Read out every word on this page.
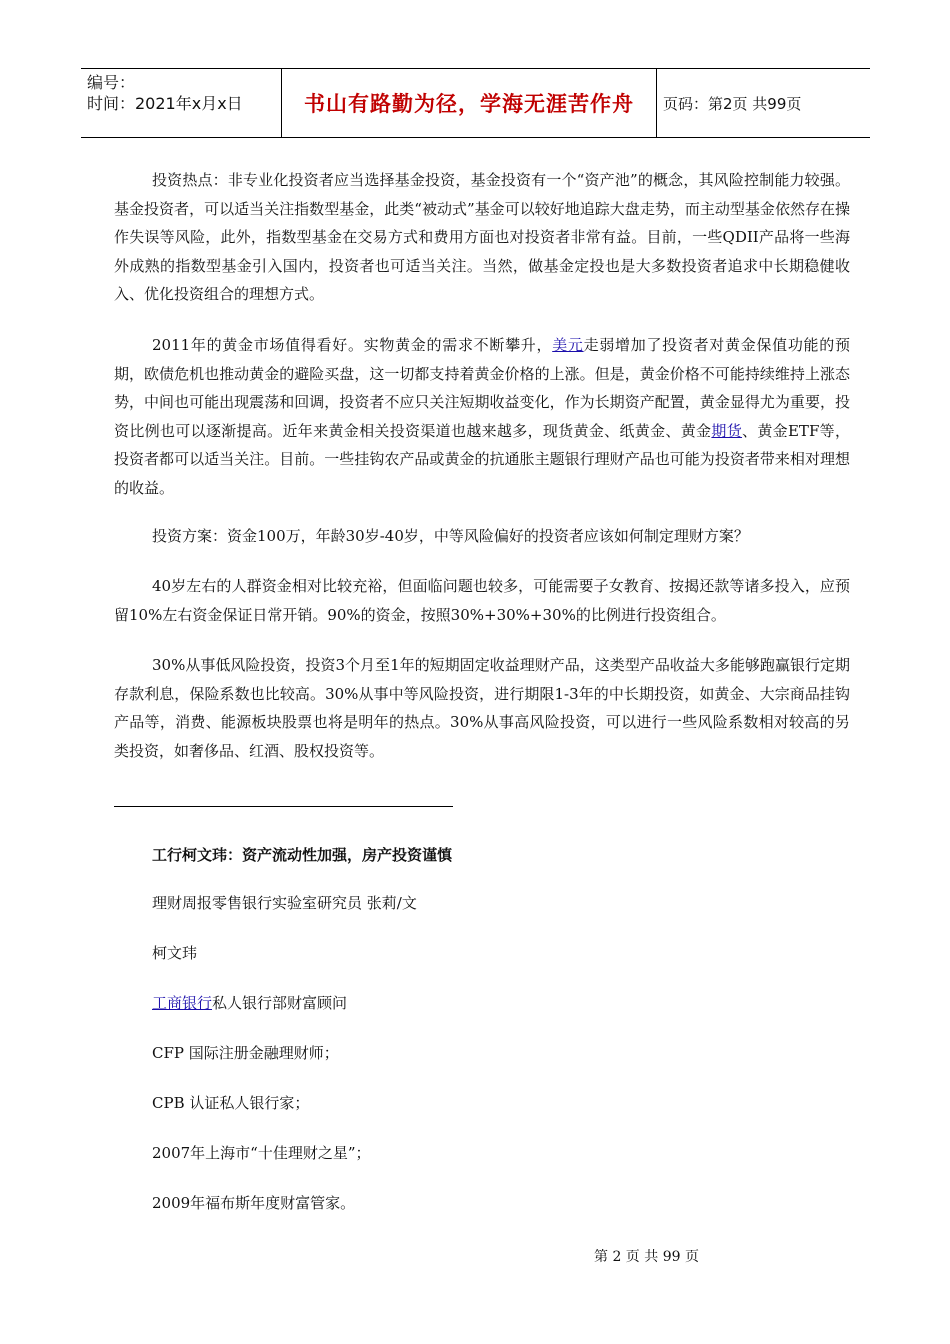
编号：
时间：2021年x月x日	书山有路勤为径，学海无涯苦作舟	页码：第2页 共99页
投资热点：非专业化投资者应当选择基金投资，基金投资有一个“资产池”的概念，其风险控制能力较强。基金投资者，可以适当关注指数型基金，此类“被动式”基金可以较好地追踪大盘走势，而主动型基金依然存在操作失误等风险，此外，指数型基金在交易方式和费用方面也对投资者非常有益。目前，一些QDII产品将一些海外成熟的指数型基金引入国内，投资者也可适当关注。当然，做基金定投也是大多数投资者追求中长期稳健收入、优化投资组合的理想方式。
2011年的黄金市场值得看好。实物黄金的需求不断攀升，美元走弱增加了投资者对黄金保值功能的预期，欧债危机也推动黄金的避险买盘，这一切都支持着黄金价格的上涨。但是，黄金价格不可能持续维持上涨态势，中间也可能出现震荡和回调，投资者不应只关注短期收益变化，作为长期资产配置，黄金显得尤为重要，投资比例也可以逐渐提高。近年来黄金相关投资渠道也越来越多，现货黄金、纸黄金、黄金期货、黄金ETF等，投资者都可以适当关注。目前。一些挂钩农产品或黄金的抗通胀主题银行理财产品也可能为投资者带来相对理想的收益。
投资方案：资金100万，年龄30岁-40岁，中等风险偏好的投资者应该如何制定理财方案？
40岁左右的人群资金相对比较充裕，但面临问题也较多，可能需要子女教育、按揭还款等诸多投入，应预留10%左右资金保证日常开销。90%的资金，按照30%+30%+30%的比例进行投资组合。
30%从事低风险投资，投资3个月至1年的短期固定收益理财产品，这类型产品收益大多能够跑赢银行定期存款利息，保险系数也比较高。30%从事中等风险投资，进行期限1-3年的中长期投资，如黄金、大宗商品挂钩产品等，消费、能源板块股票也将是明年的热点。30%从事高风险投资，可以进行一些风险系数相对较高的另类投资，如奢侈品、红酒、股权投资等。
工行柯文玮：资产流动性加强，房产投资谨慎
理财周报零售银行实验室研究员 张莉/文
柯文玮
工商银行私人银行部财富顾问
CFP 国际注册金融理财师；
CPB 认证私人银行家；
2007年上海市“十佳理财之星”；
2009年福布斯年度财富管家。
第 2 页 共 99 页
